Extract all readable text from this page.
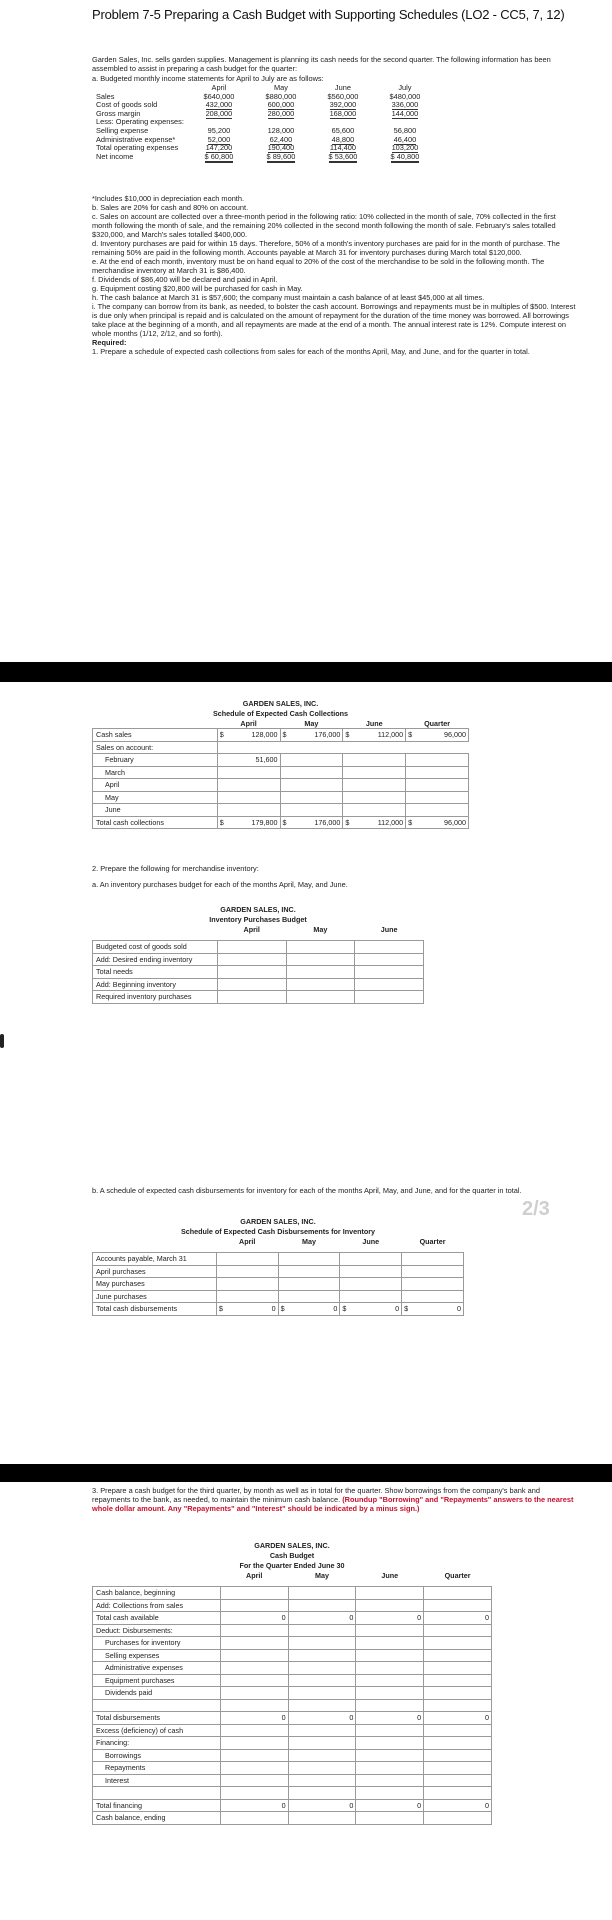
Problem 7-5 Preparing a Cash Budget with Supporting Schedules (LO2 - CC5, 7, 12)
Garden Sales, Inc. sells garden supplies. Management is planning its cash needs for the second quarter. The following information has been assembled to assist in preparing a cash budget for the quarter:
a. Budgeted monthly income statements for April to July are as follows:
	April	May	June	July
Sales	$640,000	$880,000	$560,000	$480,000
Cost of goods sold	432,000	600,000	392,000	336,000
Gross margin	208,000	280,000	168,000	144,000
Less: Operating expenses:				
Selling expense	95,200	128,000	65,600	56,800
Administrative expense*	52,000	62,400	48,800	46,400
Total operating expenses	147,200	190,400	114,400	103,200
Net income	$ 60,800	$ 89,600	$ 53,600	$ 40,800

*Includes $10,000 in depreciation each month.

b. Sales are 20% for cash and 80% on account.

c. Sales on account are collected over a three-month period in the following ratio: 10% collected in the month of sale, 70% collected in the first month following the month of sale, and the remaining 20% collected in the second month following the month of sale. February's sales totalled $320,000, and March's sales totalled $400,000.

d. Inventory purchases are paid for within 15 days. Therefore, 50% of a month's inventory purchases are paid for in the month of purchase. The remaining 50% are paid in the following month. Accounts payable at March 31 for inventory purchases during March total $120,000.

e. At the end of each month, inventory must be on hand equal to 20% of the cost of the merchandise to be sold in the following month. The merchandise inventory at March 31 is $86,400.

f. Dividends of $86,400 will be declared and paid in April.

g. Equipment costing $20,800 will be purchased for cash in May.

h. The cash balance at March 31 is $57,600; the company must maintain a cash balance of at least $45,000 at all times.

i. The company can borrow from its bank, as needed, to bolster the cash account. Borrowings and repayments must be in multiples of $500. Interest is due only when principal is repaid and is calculated on the amount of repayment for the duration of the time money was borrowed. All borrowings take place at the beginning of a month, and all repayments are made at the end of a month. The annual interest rate is 12%. Compute interest on whole months (1/12, 2/12, and so forth).

Required:

1. Prepare a schedule of expected cash collections from sales for each of the months April, May, and June, and for the quarter in total.

GARDEN SALES, INC.				
Schedule of Expected Cash Collections				
	April	May	June	Quarter
Cash sales	$ 128,000	$ 176,000	$ 112,000	$ 96,000
Sales on account:				
February	51,600			
March				
April				
May				
June				
Total cash collections	$ 179,800	$ 176,000	$ 112,000	$ 96,000
2. Prepare the following for merchandise inventory:
a. An inventory purchases budget for each of the months April, May, and June.
GARDEN SALES, INC.			
Inventory Purchases Budget			
	April	May	June

Budgeted cost of goods sold			
Add: Desired ending inventory			
Total needs			
Add: Beginning inventory			
Required inventory purchases			
b. A schedule of expected cash disbursements for inventory for each of the months April, May, and June, and for the quarter in total.
2/3
GARDEN SALES, INC.				
Schedule of Expected Cash Disbursements for Inventory				
	April	May	June	Quarter

Accounts payable, March 31				
April purchases				
May purchases				
June purchases				
Total cash disbursements	$ 0	$ 0	$ 0	$ 0
3. Prepare a cash budget for the third quarter, by month as well as in total for the quarter. Show borrowings from the company's bank and repayments to the bank, as needed, to maintain the minimum cash balance. (Roundup "Borrowing" and "Repayments" answers to the nearest whole dollar amount. Any "Repayments" and "Interest" should be indicated by a minus sign.)
GARDEN SALES, INC.				
Cash Budget				
For the Quarter Ended June 30				
	April	May	June	Quarter

Cash balance, beginning				
Add: Collections from sales				
Total cash available	0	0	0	0
Deduct: Disbursements:				
Purchases for inventory				
Selling expenses				
Administrative expenses				
Equipment purchases				
Dividends paid				

Total disbursements	0	0	0	0
Excess (deficiency) of cash				
Financing:				
Borrowings				
Repayments				
Interest				

Total financing	0	0	0	0
Cash balance, ending				
